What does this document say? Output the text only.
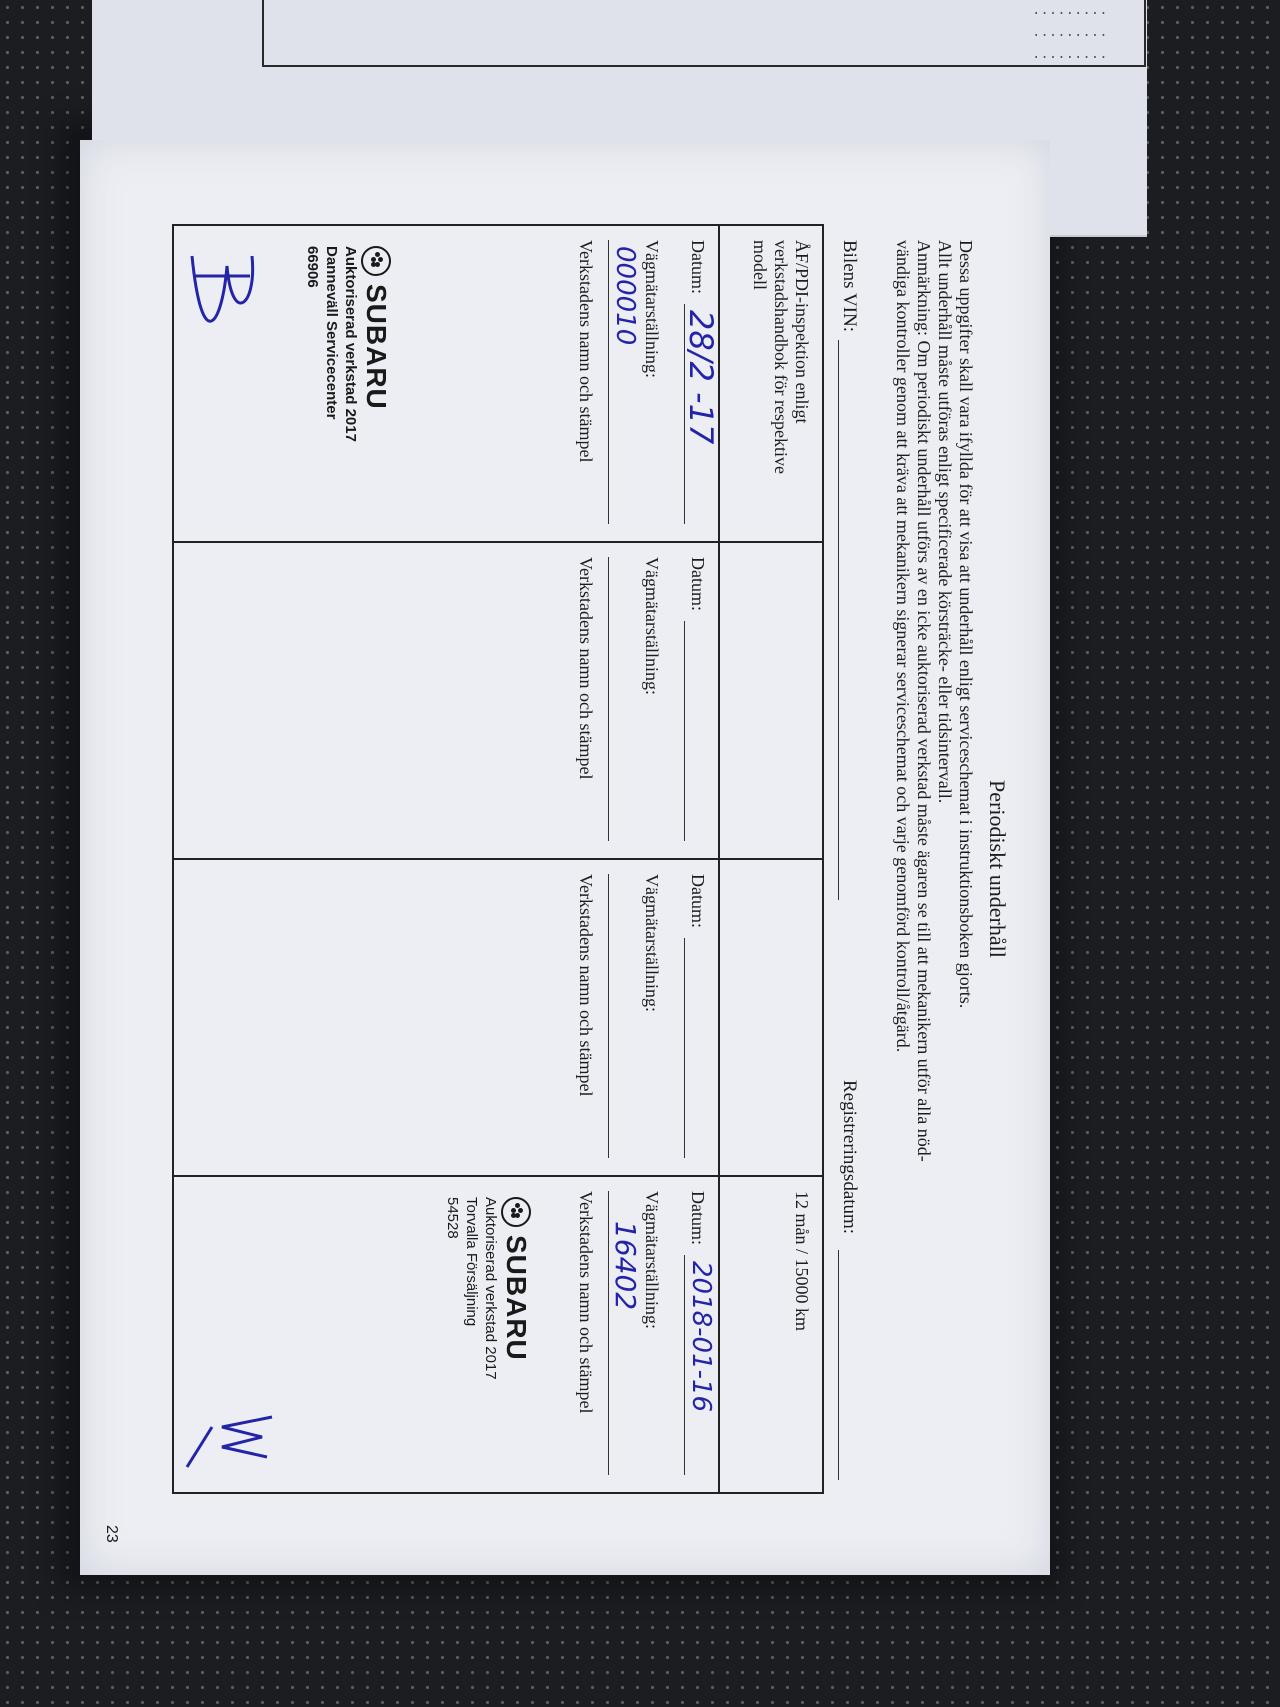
.........
.........
.........
Periodiskt underhåll

Dessa uppgifter skall vara ifyllda för att visa att underhåll enligt serviceschemat i instruktionsboken gjorts.

Allt underhåll måste utföras enligt specificerade körsträcke- eller tidsintervall.

Anmärkning: Om periodiskt underhåll utförs av en icke auktoriserad verkstad måste ägaren se till att mekanikern utför alla nöd-

vändiga kontroller genom att kräva att mekanikern signerar serviceschemat och varje genomförd kontroll/åtgärd.

Bilens VIN:
Registreringsdatum:
ÅF/PDI-inspektion enligt verkstadshandbok för respektive modell
Datum:
28/2 -17
Vägmätarställning:
000010
Verkstadens namn och stämpel
SUBARU
Auktoriserad verkstad 2017
Danneväll Servicecenter
66906
Datum:
Vägmätarställning:
Verkstadens namn och stämpel
Datum:
Vägmätarställning:
Verkstadens namn och stämpel
12 mån / 15000 km
Datum:
2018-01-16
Vägmätarställning:
16402
Verkstadens namn och stämpel
SUBARU
Auktoriserad verkstad 2017
Torvalla Försäljning
54528
23
